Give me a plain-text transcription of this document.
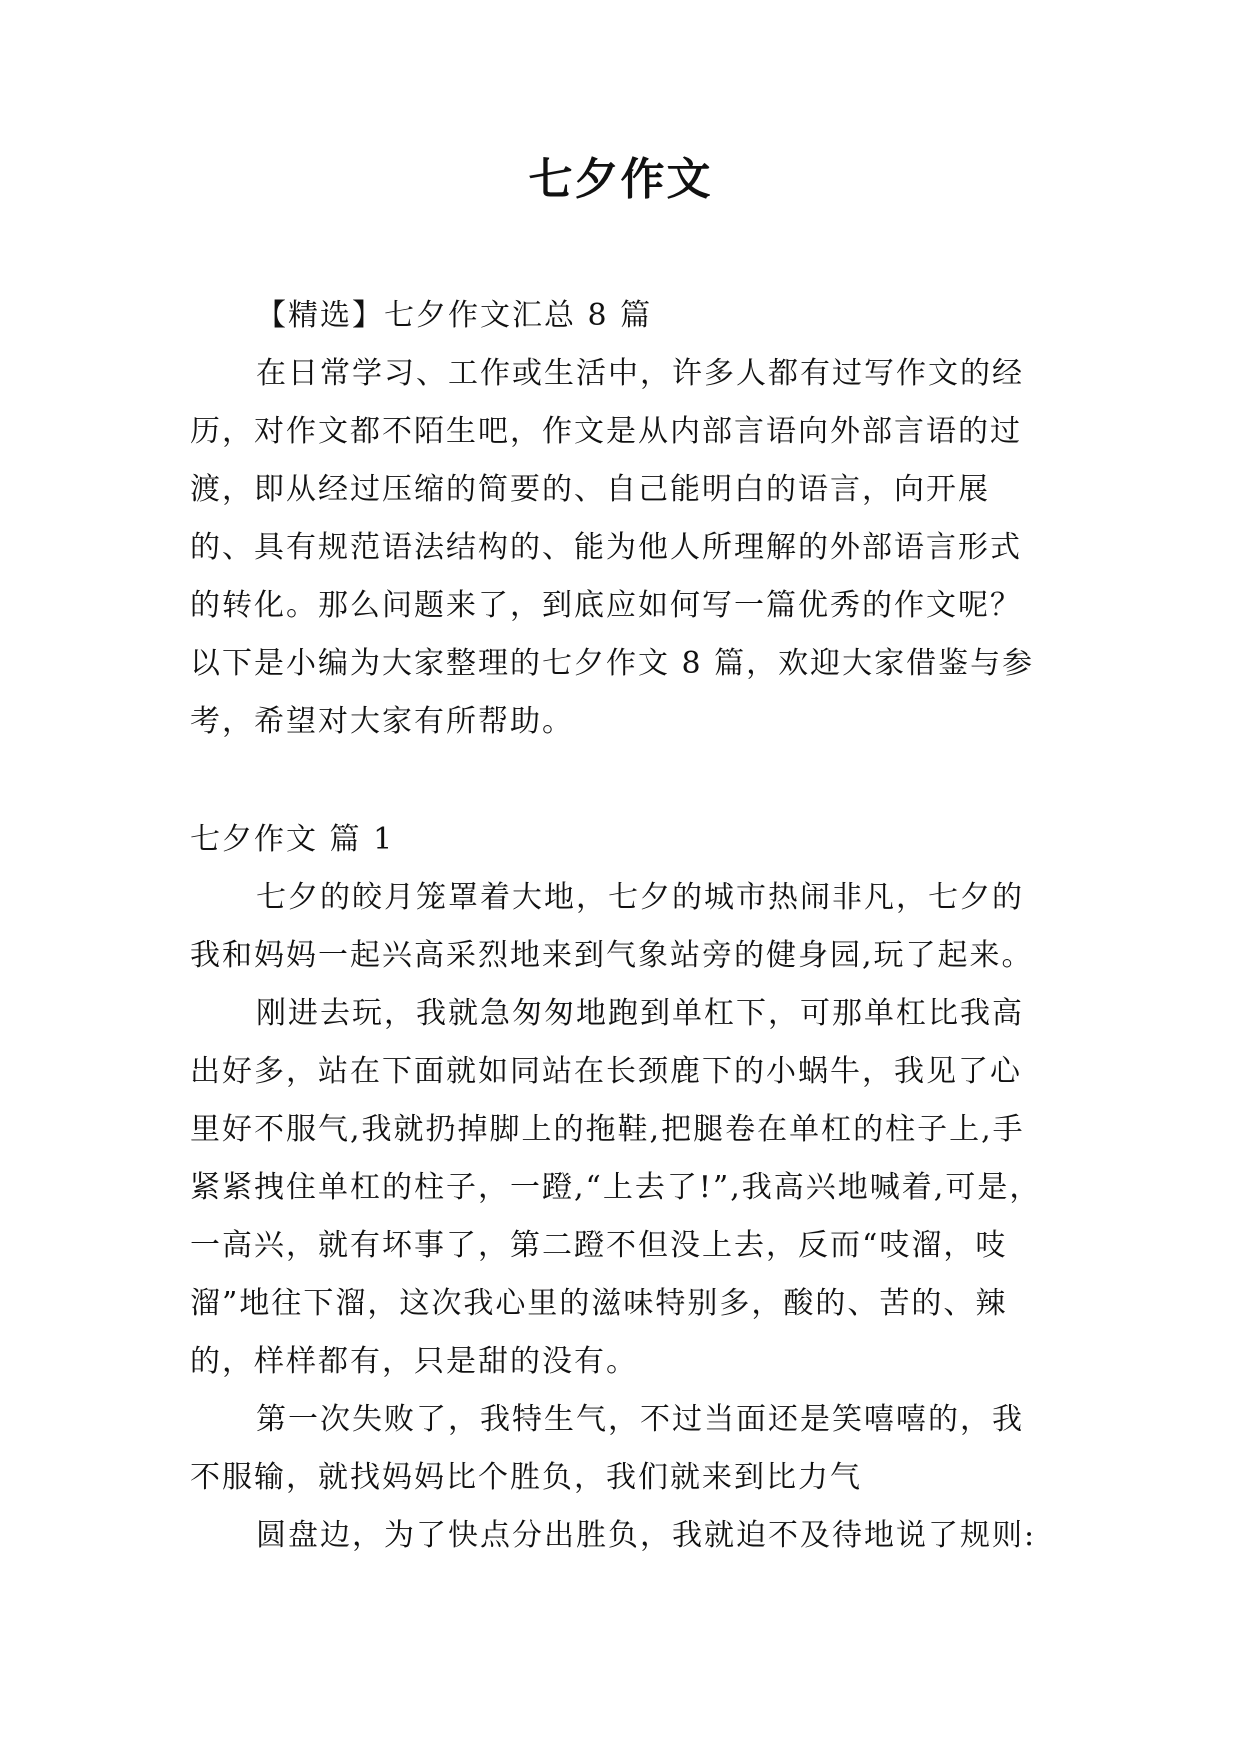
七夕作文

【精选】七夕作文汇总 8 篇

在日常学习、工作或生活中，许多人都有过写作文的经历，对作文都不陌生吧，作文是从内部言语向外部言语的过渡，即从经过压缩的简要的、自己能明白的语言，向开展的、具有规范语法结构的、能为他人所理解的外部语言形式的转化。那么问题来了，到底应如何写一篇优秀的作文呢？以下是小编为大家整理的七夕作文 8 篇，欢迎大家借鉴与参考，希望对大家有所帮助。

七夕作文 篇 1

七夕的皎月笼罩着大地，七夕的城市热闹非凡，七夕的我和妈妈一起兴高采烈地来到气象站旁的健身园,玩了起来。

刚进去玩，我就急匆匆地跑到单杠下，可那单杠比我高出好多，站在下面就如同站在长颈鹿下的小蜗牛，我见了心里好不服气,我就扔掉脚上的拖鞋,把腿卷在单杠的柱子上,手紧紧拽住单杠的柱子，一蹬,“上去了!”,我高兴地喊着,可是，一高兴，就有坏事了，第二蹬不但没上去，反而“吱溜，吱溜”地往下溜，这次我心里的滋味特别多，酸的、苦的、辣的，样样都有，只是甜的没有。

第一次失败了，我特生气，不过当面还是笑嘻嘻的，我不服输，就找妈妈比个胜负，我们就来到比力气

圆盘边，为了快点分出胜负，我就迫不及待地说了规则:
